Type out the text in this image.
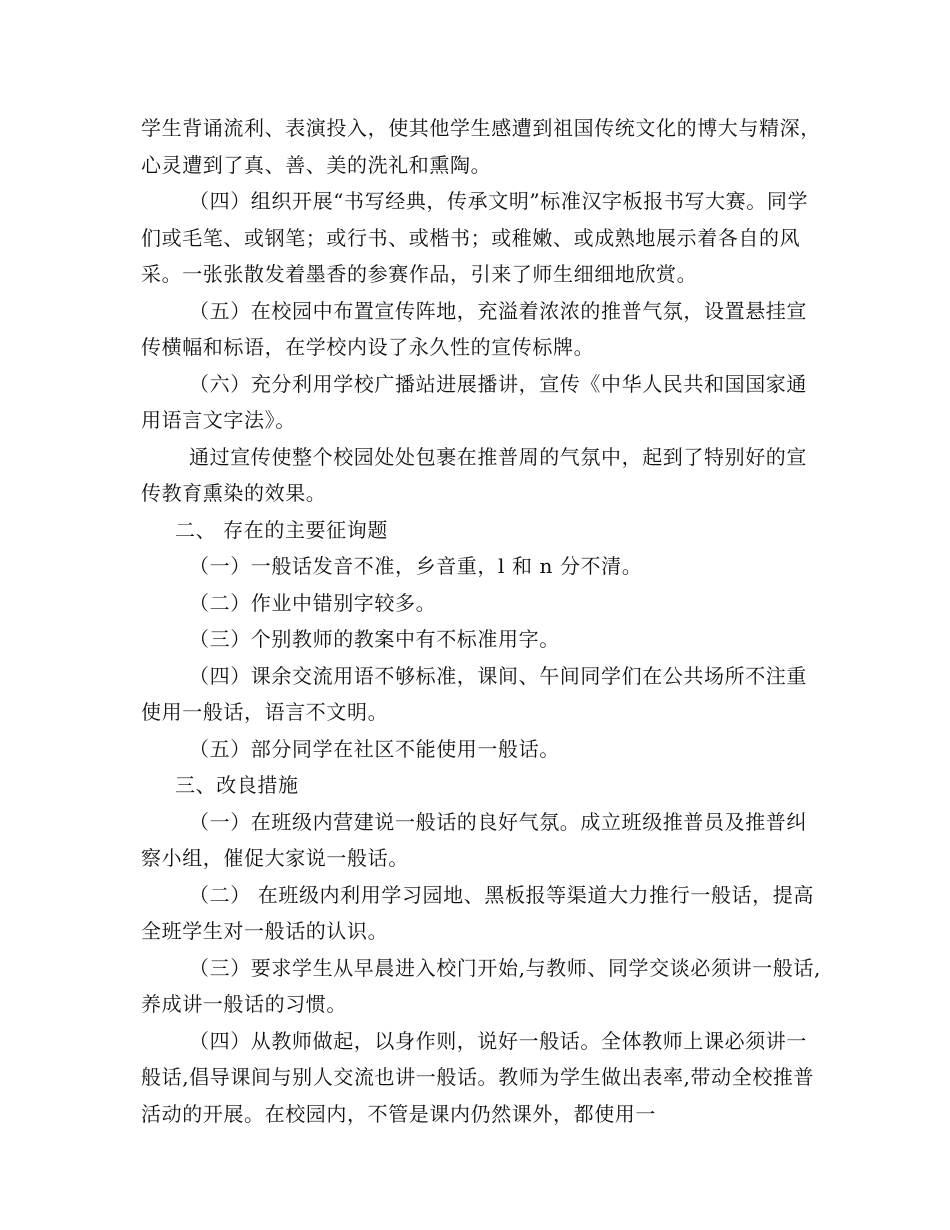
学生背诵流利、表演投入，使其他学生感遭到祖国传统文化的博大与精深，心灵遭到了真、善、美的洗礼和熏陶。

（四）组织开展“书写经典，传承文明”标准汉字板报书写大赛。同学们或毛笔、或钢笔；或行书、或楷书；或稚嫩、或成熟地展示着各自的风采。一张张散发着墨香的参赛作品，引来了师生细细地欣赏。

（五）在校园中布置宣传阵地，充溢着浓浓的推普气氛，设置悬挂宣传横幅和标语，在学校内设了永久性的宣传标牌。

（六）充分利用学校广播站进展播讲，宣传《中华人民共和国国家通用语言文字法》。

通过宣传使整个校园处处包裹在推普周的气氛中，起到了特别好的宣传教育熏染的效果。

二、 存在的主要征询题

（一）一般话发音不准，乡音重，l 和 n 分不清。

（二）作业中错别字较多。

（三）个别教师的教案中有不标准用字。

（四）课余交流用语不够标准，课间、午间同学们在公共场所不注重使用一般话，语言不文明。

（五）部分同学在社区不能使用一般话。

三、改良措施

（一）在班级内营建说一般话的良好气氛。成立班级推普员及推普纠察小组，催促大家说一般话。

（二） 在班级内利用学习园地、黑板报等渠道大力推行一般话，提高全班学生对一般话的认识。

（三）要求学生从早晨进入校门开始,与教师、同学交谈必须讲一般话,养成讲一般话的习惯。

（四）从教师做起，以身作则，说好一般话。全体教师上课必须讲一般话,倡导课间与别人交流也讲一般话。教师为学生做出表率,带动全校推普活动的开展。在校园内，不管是课内仍然课外，都使用一
